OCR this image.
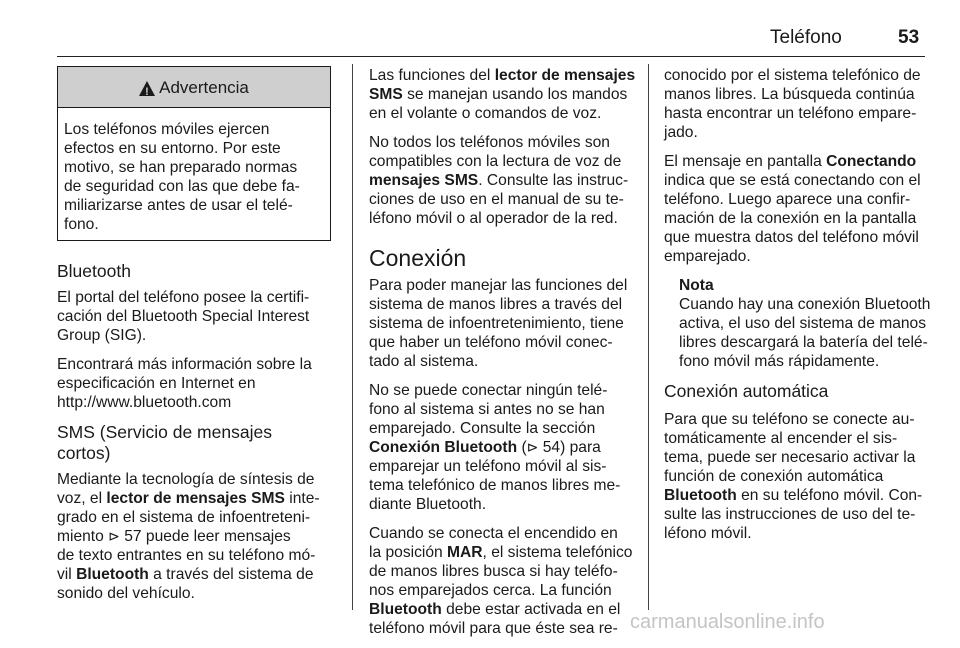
Teléfono	53
!
Advertencia
Los teléfonos móviles ejercen
efectos en su entorno. Por este
motivo, se han preparado normas
de seguridad con las que debe fa-
miliarizarse antes de usar el telé-
fono.
Bluetooth

El portal del teléfono posee la certifi-
cación del Bluetooth Special Interest
Group (SIG).

Encontrará más información sobre la
especificación en Internet en
http://www.bluetooth.com

SMS (Servicio de mensajes
cortos)

Mediante la tecnología de síntesis de
voz, el lector de mensajes SMS inte-
grado en el sistema de infoentreteni-
miento ⊳ 57 puede leer mensajes
de texto entrantes en su teléfono mó-
vil Bluetooth a través del sistema de
sonido del vehículo.

Las funciones del lector de mensajes
SMS se manejan usando los mandos
en el volante o comandos de voz.

No todos los teléfonos móviles son
compatibles con la lectura de voz de
mensajes SMS. Consulte las instruc-
ciones de uso en el manual de su te-
léfono móvil o al operador de la red.

Conexión

Para poder manejar las funciones del
sistema de manos libres a través del
sistema de infoentretenimiento, tiene
que haber un teléfono móvil conec-
tado al sistema.

No se puede conectar ningún telé-
fono al sistema si antes no se han
emparejado. Consulte la sección
Conexión Bluetooth (⊳ 54) para
emparejar un teléfono móvil al sis-
tema telefónico de manos libres me-
diante Bluetooth.

Cuando se conecta el encendido en
la posición MAR, el sistema telefónico
de manos libres busca si hay teléfo-
nos emparejados cerca. La función
Bluetooth debe estar activada en el
teléfono móvil para que éste sea re-

conocido por el sistema telefónico de
manos libres. La búsqueda continúa
hasta encontrar un teléfono empare-
jado.

El mensaje en pantalla Conectando
indica que se está conectando con el
teléfono. Luego aparece una confir-
mación de la conexión en la pantalla
que muestra datos del teléfono móvil
emparejado.

Nota
Cuando hay una conexión Bluetooth
activa, el uso del sistema de manos
libres descargará la batería del telé-
fono móvil más rápidamente.
Conexión automática

Para que su teléfono se conecte au-
tomáticamente al encender el sis-
tema, puede ser necesario activar la
función de conexión automática
Bluetooth en su teléfono móvil. Con-
sulte las instrucciones de uso del te-
léfono móvil.

carmanualsonline.info
